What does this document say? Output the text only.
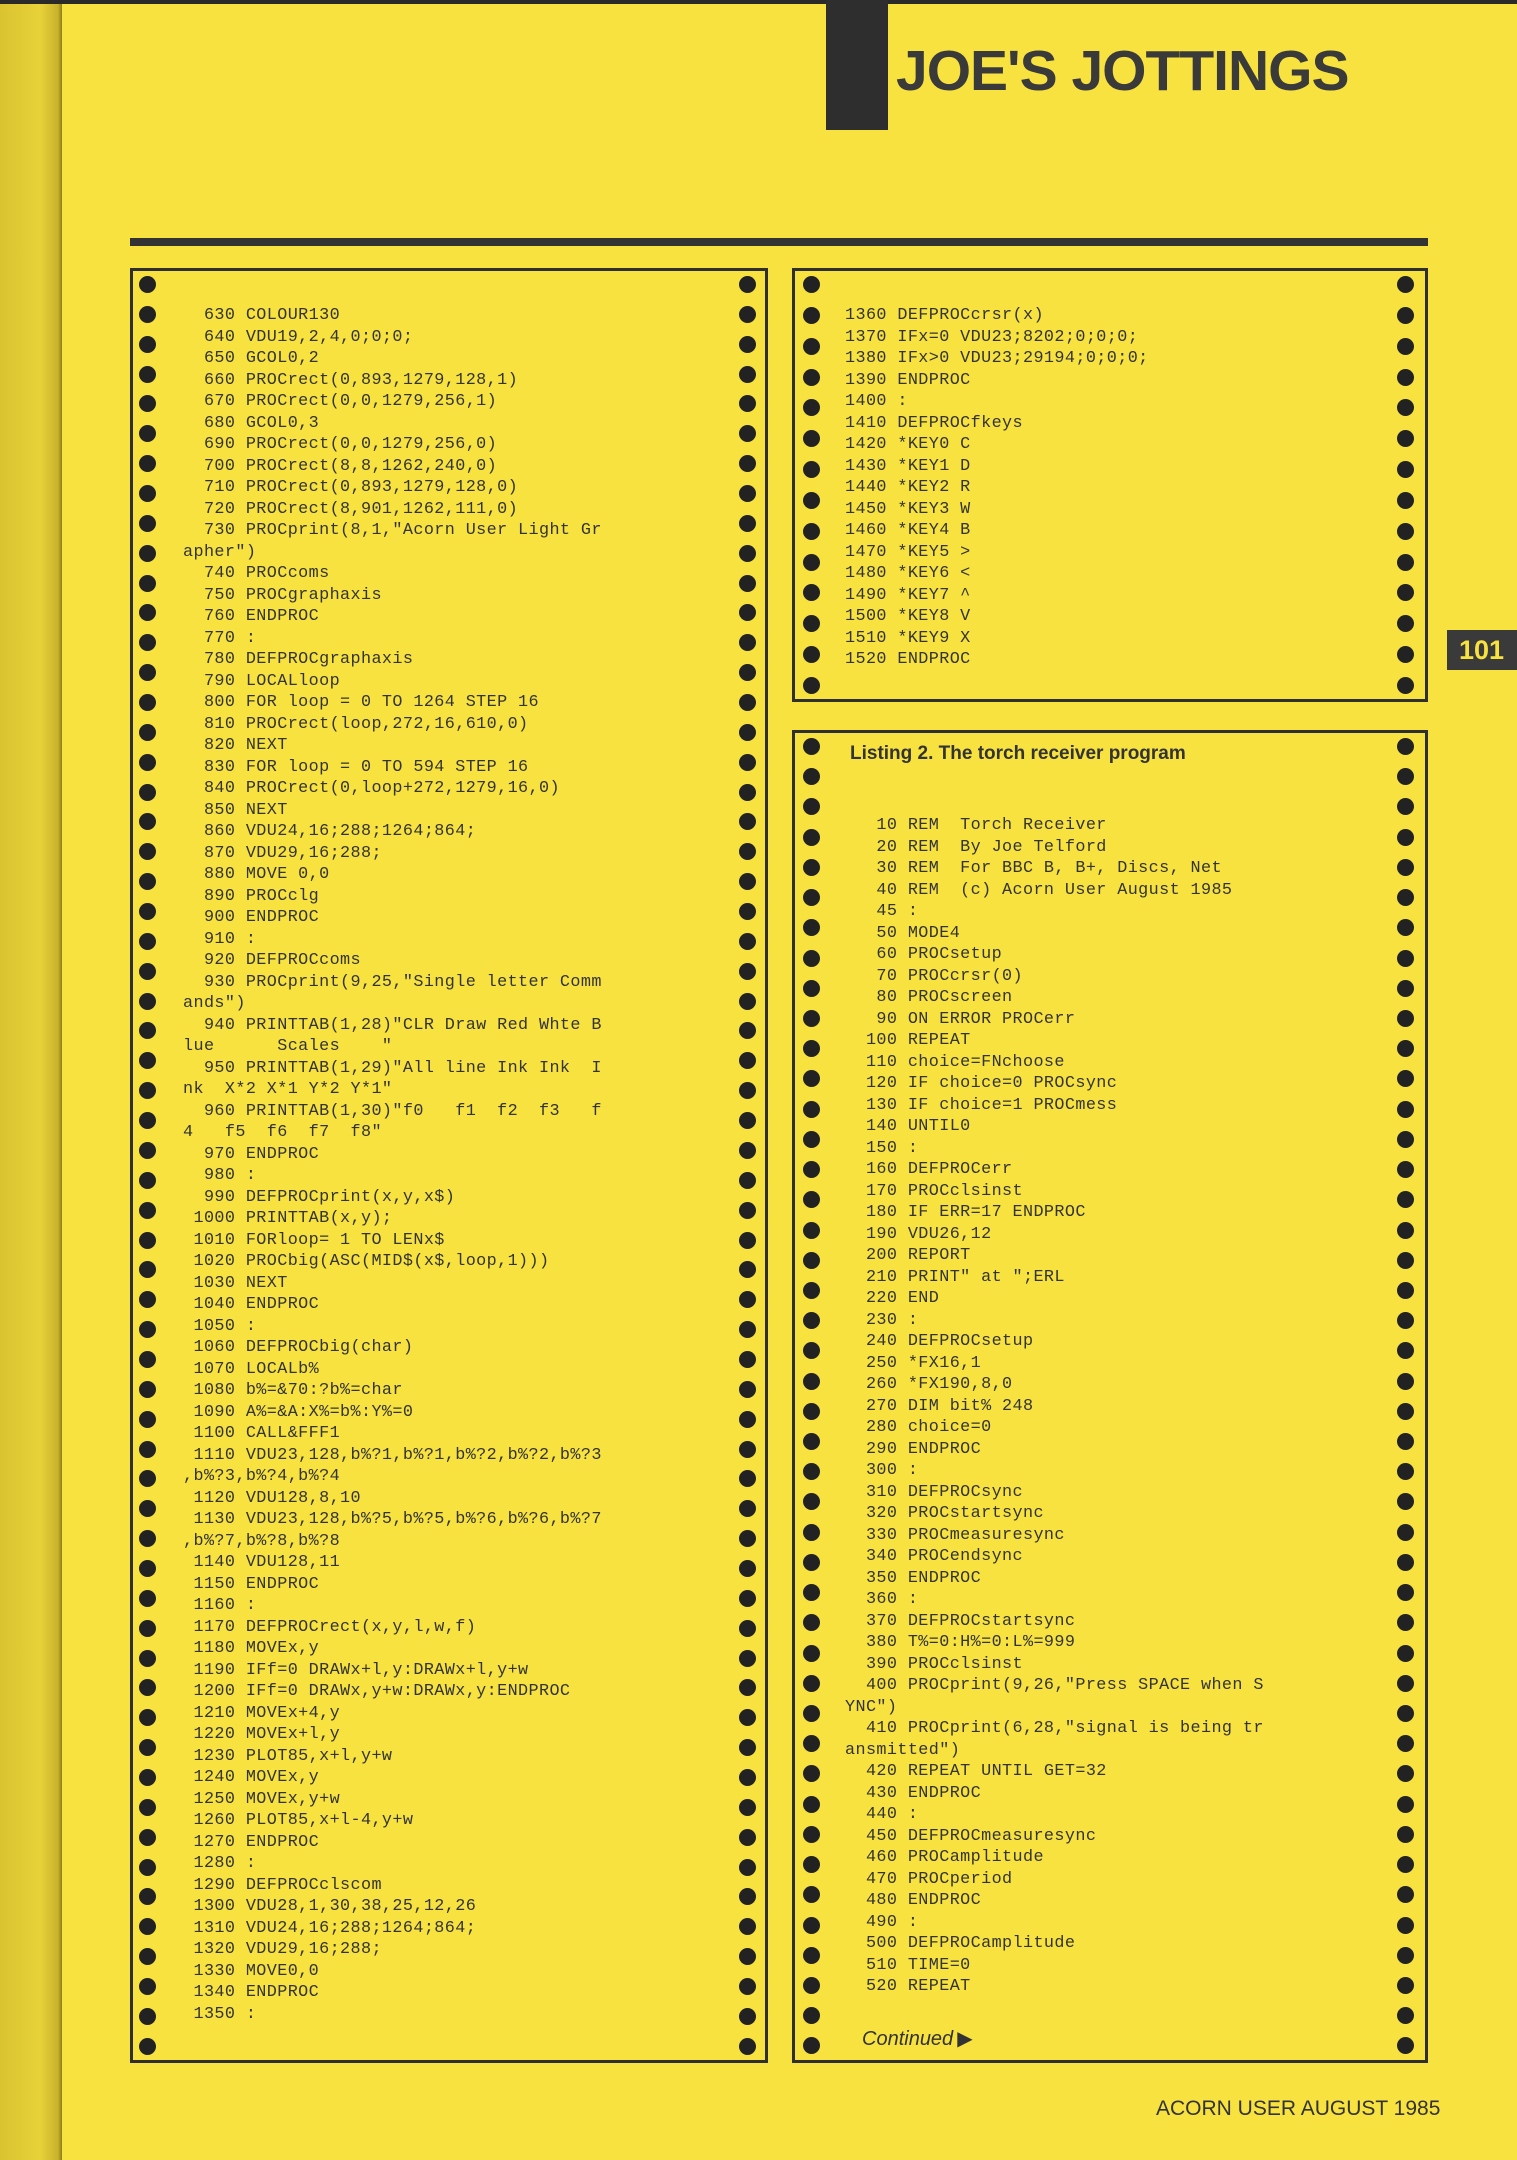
JOE'S JOTTINGS
101
630 COLOUR130
640 VDU19,2,4,0;0;0;
650 GCOL0,2
660 PROCrect(0,893,1279,128,1)
670 PROCrect(0,0,1279,256,1)
680 GCOL0,3
690 PROCrect(0,0,1279,256,0)
700 PROCrect(8,8,1262,240,0)
710 PROCrect(0,893,1279,128,0)
720 PROCrect(8,901,1262,111,0)
730 PROCprint(8,1,"Acorn User Light Gr
apher")
740 PROCcoms
750 PROCgraphaxis
760 ENDPROC
770 :
780 DEFPROCgraphaxis
790 LOCALloop
800 FOR loop = 0 TO 1264 STEP 16
810 PROCrect(loop,272,16,610,0)
820 NEXT
830 FOR loop = 0 TO 594 STEP 16
840 PROCrect(0,loop+272,1279,16,0)
850 NEXT
860 VDU24,16;288;1264;864;
870 VDU29,16;288;
880 MOVE 0,0
890 PROCclg
900 ENDPROC
910 :
920 DEFPROCcoms
930 PROCprint(9,25,"Single letter Comm
ands")
940 PRINTTAB(1,28)"CLR Draw Red Whte B
lue      Scales    "
950 PRINTTAB(1,29)"All line Ink Ink  I
nk  X*2 X*1 Y*2 Y*1"
960 PRINTTAB(1,30)"f0   f1  f2  f3   f
4   f5  f6  f7  f8"
970 ENDPROC
980 :
990 DEFPROCprint(x,y,x$)
1000 PRINTTAB(x,y);
1010 FORloop= 1 TO LENx$
1020 PROCbig(ASC(MID$(x$,loop,1)))
1030 NEXT
1040 ENDPROC
1050 :
1060 DEFPROCbig(char)
1070 LOCALb%
1080 b%=&70:?b%=char
1090 A%=&A:X%=b%:Y%=0
1100 CALL&FFF1
1110 VDU23,128,b%?1,b%?1,b%?2,b%?2,b%?3
,b%?3,b%?4,b%?4
1120 VDU128,8,10
1130 VDU23,128,b%?5,b%?5,b%?6,b%?6,b%?7
,b%?7,b%?8,b%?8
1140 VDU128,11
1150 ENDPROC
1160 :
1170 DEFPROCrect(x,y,l,w,f)
1180 MOVEx,y
1190 IFf=0 DRAWx+l,y:DRAWx+l,y+w
1200 IFf=0 DRAWx,y+w:DRAWx,y:ENDPROC
1210 MOVEx+4,y
1220 MOVEx+l,y
1230 PLOT85,x+l,y+w
1240 MOVEx,y
1250 MOVEx,y+w
1260 PLOT85,x+l-4,y+w
1270 ENDPROC
1280 :
1290 DEFPROCclscom
1300 VDU28,1,30,38,25,12,26
1310 VDU24,16;288;1264;864;
1320 VDU29,16;288;
1330 MOVE0,0
1340 ENDPROC
1350 :
1360 DEFPROCcrsr(x)
1370 IFx=0 VDU23;8202;0;0;0;
1380 IFx>0 VDU23;29194;0;0;0;
1390 ENDPROC
1400 :
1410 DEFPROCfkeys
1420 *KEY0 C
1430 *KEY1 D
1440 *KEY2 R
1450 *KEY3 W
1460 *KEY4 B
1470 *KEY5 >
1480 *KEY6 <
1490 *KEY7 ^
1500 *KEY8 V
1510 *KEY9 X
1520 ENDPROC
Listing 2. The torch receiver program
10 REM  Torch Receiver
20 REM  By Joe Telford
30 REM  For BBC B, B+, Discs, Net
40 REM  (c) Acorn User August 1985
45 :
50 MODE4
60 PROCsetup
70 PROCcrsr(0)
80 PROCscreen
90 ON ERROR PROCerr
100 REPEAT
110 choice=FNchoose
120 IF choice=0 PROCsync
130 IF choice=1 PROCmess
140 UNTIL0
150 :
160 DEFPROCerr
170 PROCclsinst
180 IF ERR=17 ENDPROC
190 VDU26,12
200 REPORT
210 PRINT" at ";ERL
220 END
230 :
240 DEFPROCsetup
250 *FX16,1
260 *FX190,8,0
270 DIM bit% 248
280 choice=0
290 ENDPROC
300 :
310 DEFPROCsync
320 PROCstartsync
330 PROCmeasuresync
340 PROCendsync
350 ENDPROC
360 :
370 DEFPROCstartsync
380 T%=0:H%=0:L%=999
390 PROCclsinst
400 PROCprint(9,26,"Press SPACE when S
YNC")
410 PROCprint(6,28,"signal is being tr
ansmitted")
420 REPEAT UNTIL GET=32
430 ENDPROC
440 :
450 DEFPROCmeasuresync
460 PROCamplitude
470 PROCperiod
480 ENDPROC
490 :
500 DEFPROCamplitude
510 TIME=0
520 REPEAT
Continued ▶
ACORN USER AUGUST 1985
